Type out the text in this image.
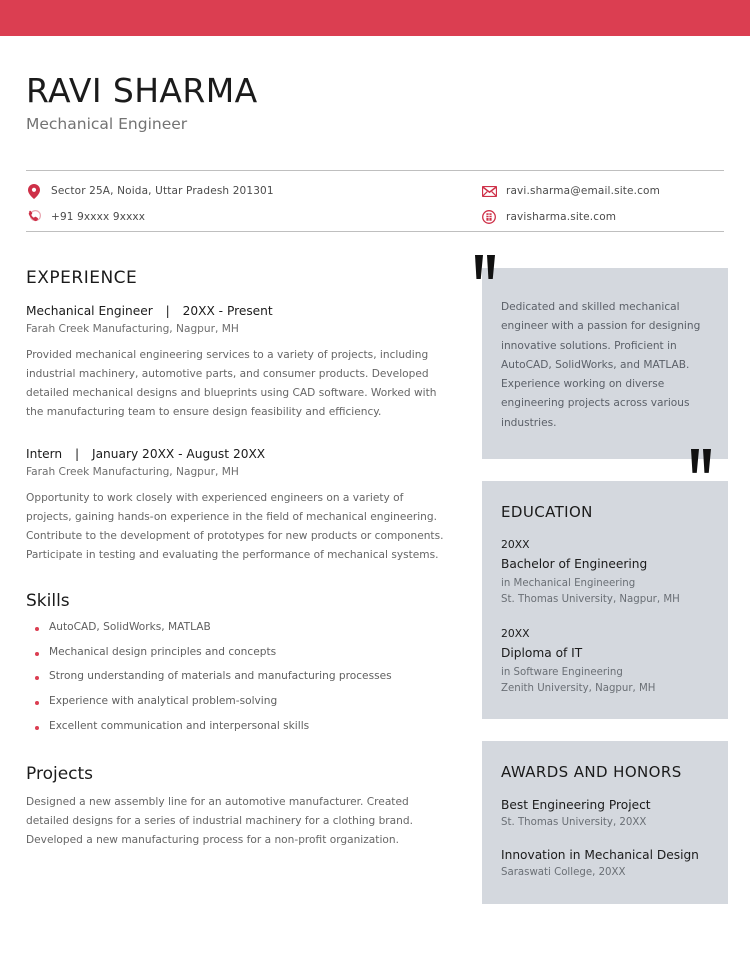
RAVI SHARMA
Mechanical Engineer
Sector 25A, Noida, Uttar Pradesh 201301
+91 9xxxx 9xxxx
ravi.sharma@email.site.com
ravisharma.site.com
EXPERIENCE
Mechanical Engineer | 20XX - Present
Farah Creek Manufacturing, Nagpur, MH
Provided mechanical engineering services to a variety of projects, including industrial machinery, automotive parts, and consumer products. Developed detailed mechanical designs and blueprints using CAD software. Worked with the manufacturing team to ensure design feasibility and efficiency.
Intern | January 20XX - August 20XX
Farah Creek Manufacturing, Nagpur, MH
Opportunity to work closely with experienced engineers on a variety of projects, gaining hands-on experience in the field of mechanical engineering. Contribute to the development of prototypes for new products or components. Participate in testing and evaluating the performance of mechanical systems.
Skills
AutoCAD, SolidWorks, MATLAB
Mechanical design principles and concepts
Strong understanding of materials and manufacturing processes
Experience with analytical problem-solving
Excellent communication and interpersonal skills
Projects
Designed a new assembly line for an automotive manufacturer. Created detailed designs for a series of industrial machinery for a clothing brand. Developed a new manufacturing process for a non-profit organization.
Dedicated and skilled mechanical engineer with a passion for designing innovative solutions. Proficient in AutoCAD, SolidWorks, and MATLAB. Experience working on diverse engineering projects across various industries.
EDUCATION
20XX
Bachelor of Engineering
in Mechanical Engineering
St. Thomas University, Nagpur, MH
20XX
Diploma of IT
in Software Engineering
Zenith University, Nagpur, MH
AWARDS AND HONORS
Best Engineering Project
St. Thomas University, 20XX
Innovation in Mechanical Design
Saraswati College, 20XX
